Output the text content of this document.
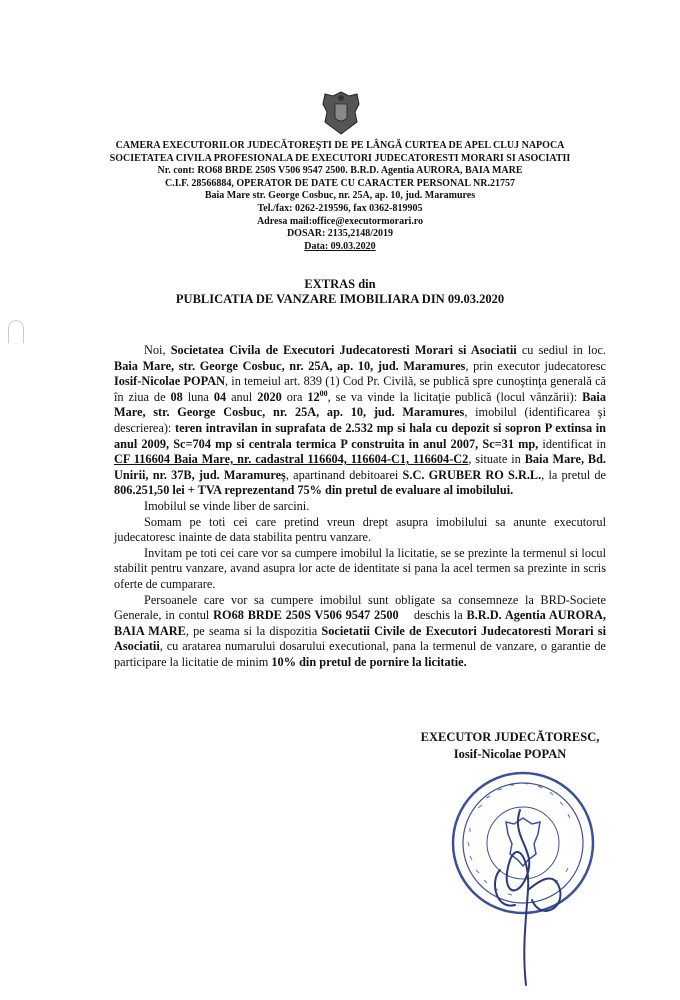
CAMERA EXECUTORILOR JUDECĂTOREŞTI DE PE LÂNGĂ CURTEA DE APEL CLUJ NAPOCA
SOCIETATEA CIVILA PROFESIONALA DE EXECUTORI JUDECATORESTI MORARI SI ASOCIATII
Nr. cont: RO68 BRDE 250S V506 9547 2500. B.R.D. Agentia AURORA, BAIA MARE
C.I.F. 28566884, OPERATOR DE DATE CU CARACTER PERSONAL NR.21757
Baia Mare str. George Cosbuc, nr. 25A, ap. 10, jud. Maramures
Tel./fax: 0262-219596, fax 0362-819905
Adresa mail:office@executormorari.ro
DOSAR: 2135,2148/2019
Data: 09.03.2020
EXTRAS din
PUBLICATIA DE VANZARE IMOBILIARA DIN 09.03.2020

Noi, Societatea Civila de Executori Judecatoresti Morari si Asociatii cu sediul in loc. Baia Mare, str. George Cosbuc, nr. 25A, ap. 10, jud. Maramures, prin executor judecatoresc Iosif-Nicolae POPAN, in temeiul art. 839 (1) Cod Pr. Civilă, se publică spre cunoştinţa generală că în ziua de 08 luna 04 anul 2020 ora $12^{00}$, se va vinde la licitaţie publică (locul vânzării): Baia Mare, str. George Cosbuc, nr. 25A, ap. 10, jud. Maramures, imobilul (identificarea şi descrierea): teren intravilan in suprafata de 2.532 mp si hala cu depozit si sopron P extinsa in anul 2009, Sc=704 mp si centrala termica P construita in anul 2007, Sc=31 mp, identificat in CF 116604 Baia Mare, nr. cadastral 116604, 116604-C1, 116604-C2, situate in Baia Mare, Bd. Unirii, nr. 37B, jud. Maramureş, apartinand debitoarei S.C. GRUBER RO S.R.L., la pretul de 806.251,50 lei + TVA reprezentand 75% din pretul de evaluare al imobilului.

Imobilul se vinde liber de sarcini.

Somam pe toti cei care pretind vreun drept asupra imobilului sa anunte executorul judecatoresc inainte de data stabilita pentru vanzare.

Invitam pe toti cei care vor sa cumpere imobilul la licitatie, se se prezinte la termenul si locul stabilit pentru vanzare, avand asupra lor acte de identitate si pana la acel termen sa prezinte in scris oferte de cumparare.

Persoanele care vor sa cumpere imobilul sunt obligate sa consemneze la BRD-Societe Generale, in contul RO68 BRDE 250S V506 9547 2500    deschis la B.R.D. Agentia AURORA, BAIA MARE, pe seama si la dispozitia Societatii Civile de Executori Judecatoresti Morari si Asociatii, cu aratarea numarului dosarului executional, pana la termenul de vanzare, o garantie de participare la licitatie de minim 10% din pretul de pornire la licitatie.

EXECUTOR JUDECĂTORESC,
Iosif-Nicolae POPAN
